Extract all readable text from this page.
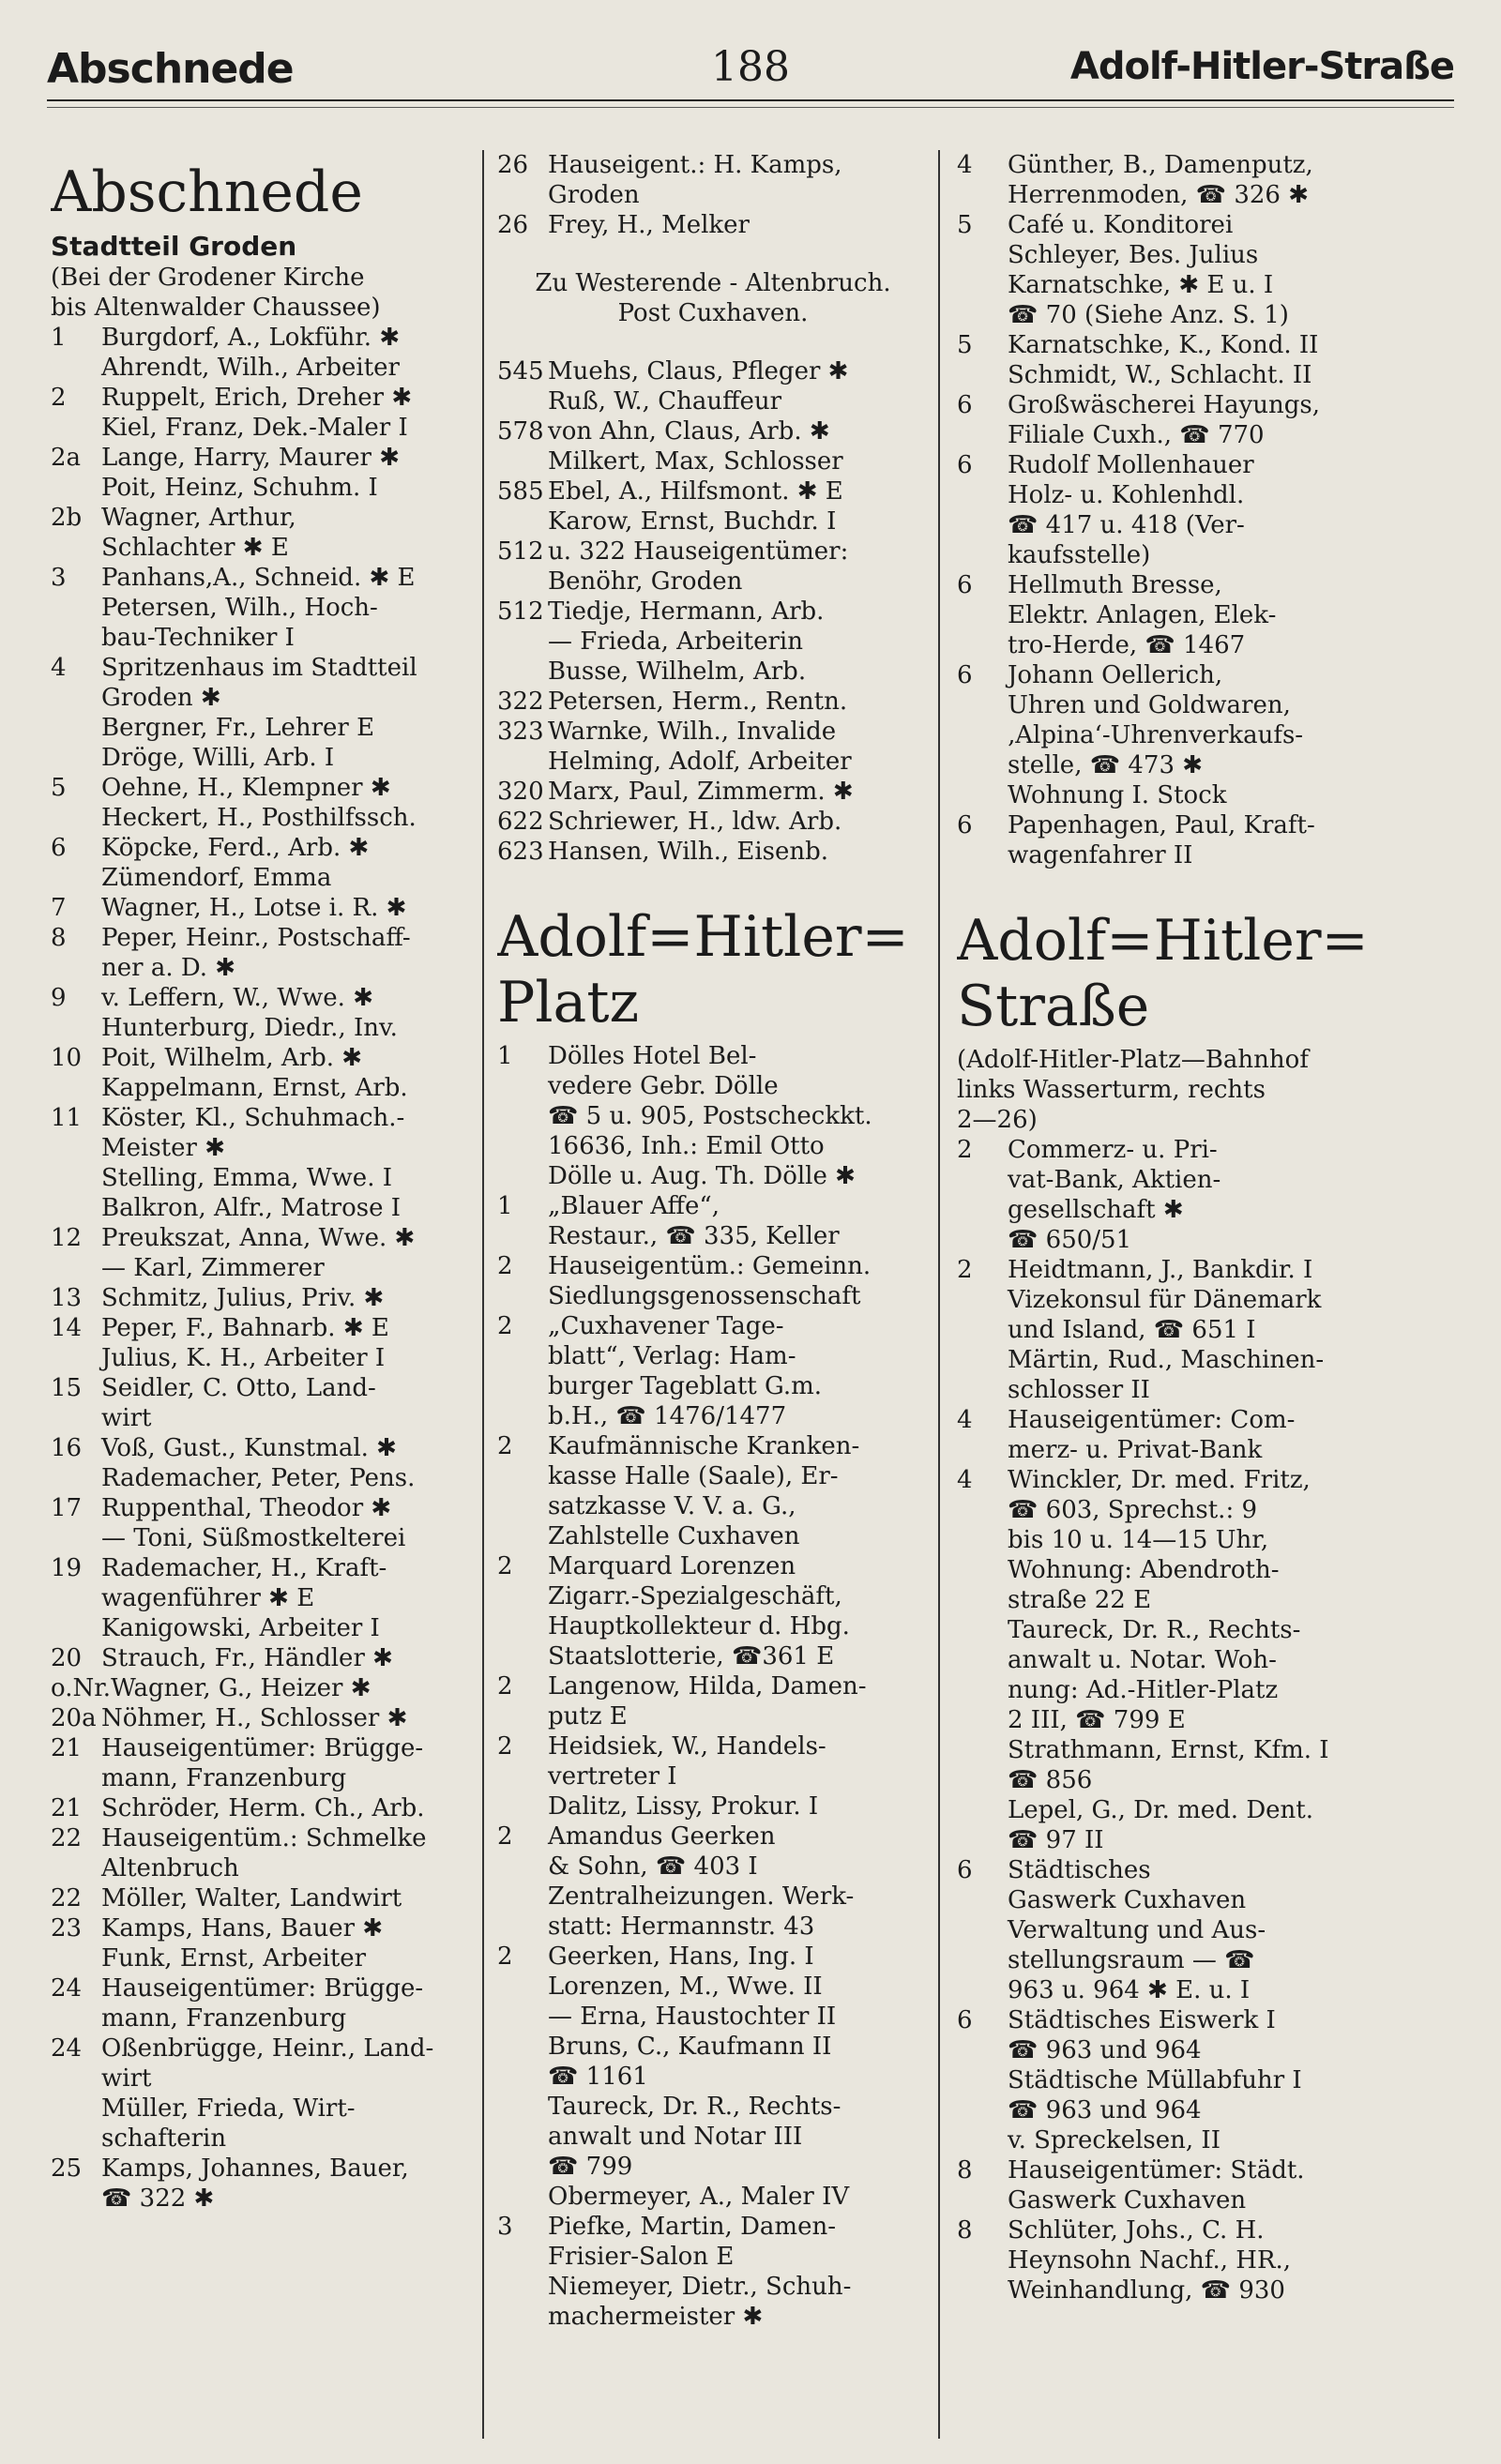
Abschnede	188	Adolf-Hitler-Straße
Abschnede
Stadtteil Groden
(Bei der Grodener Kirche
bis Altenwalder Chaussee)
1	Burgdorf, A., Lokführ. ✱
Ahrendt, Wilh., Arbeiter
2	Ruppelt, Erich, Dreher ✱
Kiel, Franz, Dek.-Maler I
2a Lange, Harry, Maurer ✱
Poit, Heinz, Schuhm. I
2b Wagner, Arthur,
Schlachter ✱ E
3	Panhans,A., Schneid. ✱ E
Petersen, Wilh., Hoch-
bau-Techniker I
4	Spritzenhaus im Stadtteil
Groden ✱
Bergner, Fr., Lehrer E
Dröge, Willi, Arb. I
5	Oehne, H., Klempner ✱
Heckert, H., Posthilfssch.
6	Köpcke, Ferd., Arb. ✱
Zümendorf, Emma
7	Wagner, H., Lotse i. R. ✱
8	Peper, Heinr., Postschaff-
ner a. D. ✱
9	v. Leffern, W., Wwe. ✱
Hunterburg, Diedr., Inv.
10 Poit, Wilhelm, Arb. ✱
Kappelmann, Ernst, Arb.
11 Köster, Kl., Schuhmach.-
Meister ✱
Stelling, Emma, Wwe. I
Balkron, Alfr., Matrose I
12 Preukszat, Anna, Wwe. ✱
— Karl, Zimmerer
13 Schmitz, Julius, Priv. ✱
14 Peper, F., Bahnarb. ✱ E
Julius, K. H., Arbeiter I
15 Seidler, C. Otto, Land-
wirt
16 Voß, Gust., Kunstmal. ✱
Rademacher, Peter, Pens.
17 Ruppenthal, Theodor ✱
— Toni, Süßmostkelterei
19 Rademacher, H., Kraft-
wagenführer ✱ E
Kanigowski, Arbeiter I
20 Strauch, Fr., Händler ✱
o.Nr. Wagner, G., Heizer ✱
20a Nöhmer, H., Schlosser ✱
21 Hauseigentümer: Brügge-
mann, Franzenburg
21 Schröder, Herm. Ch., Arb.
22 Hauseigentüm.: Schmelke
Altenbruch
22 Möller, Walter, Landwirt
23 Kamps, Hans, Bauer ✱
Funk, Ernst, Arbeiter
24 Hauseigentümer: Brügge-
mann, Franzenburg
24 Oßenbrügge, Heinr., Land-
wirt
Müller, Frieda, Wirt-
schafterin
25 Kamps, Johannes, Bauer,
☎ 322 ✱
26 Hauseigent.: H. Kamps,
Groden
26 Frey, H., Melker
Zu Westerende - Altenbruch.
Post Cuxhaven.
545 Muehs, Claus, Pfleger ✱
Ruß, W., Chauffeur
578 von Ahn, Claus, Arb. ✱
Milkert, Max, Schlosser
585 Ebel, A., Hilfsmont. ✱ E
Karow, Ernst, Buchdr. I
512 u. 322 Hauseigentümer:
Benöhr, Groden
512 Tiedje, Hermann, Arb.
— Frieda, Arbeiterin
Busse, Wilhelm, Arb.
322 Petersen, Herm., Rentn.
323 Warnke, Wilh., Invalide
Helming, Adolf, Arbeiter
320 Marx, Paul, Zimmerm. ✱
622 Schriewer, H., ldw. Arb.
623 Hansen, Wilh., Eisenb.
Adolf=Hitler=
Platz
1	Dölles Hotel Bel-
vedere Gebr. Dölle
☎ 5 u. 905, Postscheckkt.
16636, Inh.: Emil Otto
Dölle u. Aug. Th. Dölle ✱
1	„Blauer Affe“,
Restaur., ☎ 335, Keller
2	Hauseigentüm.: Gemeinn.
Siedlungsgenossenschaft
2	„Cuxhavener Tage-
blatt“, Verlag: Ham-
burger Tageblatt G.m.
b.H., ☎ 1476/1477
2	Kaufmännische Kranken-
kasse Halle (Saale), Er-
satzkasse V. V. a. G.,
Zahlstelle Cuxhaven
2	Marquard Lorenzen
Zigarr.-Spezialgeschäft,
Hauptkollekteur d. Hbg.
Staatslotterie, ☎361 E
2	Langenow, Hilda, Damen-
putz E
2	Heidsiek, W., Handels-
vertreter I
Dalitz, Lissy, Prokur. I
2	Amandus Geerken
& Sohn, ☎ 403 I
Zentralheizungen. Werk-
statt: Hermannstr. 43
2	Geerken, Hans, Ing. I
Lorenzen, M., Wwe. II
— Erna, Haustochter II
Bruns, C., Kaufmann II
☎ 1161
Taureck, Dr. R., Rechts-
anwalt und Notar III
☎ 799
Obermeyer, A., Maler IV
3	Piefke, Martin, Damen-
Frisier-Salon E
Niemeyer, Dietr., Schuh-
machermeister ✱
4	Günther, B., Damenputz,
Herrenmoden, ☎ 326 ✱
5	Café u. Konditorei
Schleyer, Bes. Julius
Karnatschke, ✱ E u. I
☎ 70 (Siehe Anz. S. 1)
5	Karnatschke, K., Kond. II
Schmidt, W., Schlacht. II
6	Großwäscherei Hayungs,
Filiale Cuxh., ☎ 770
6	Rudolf Mollenhauer
Holz- u. Kohlenhdl.
☎ 417 u. 418 (Ver-
kaufsstelle)
6	Hellmuth Bresse,
Elektr. Anlagen, Elek-
tro-Herde, ☎ 1467
6	Johann Oellerich,
Uhren und Goldwaren,
‚Alpina‘-Uhrenverkaufs-
stelle, ☎ 473 ✱
Wohnung I. Stock
6	Papenhagen, Paul, Kraft-
wagenfahrer II
Adolf=Hitler=
Straße
(Adolf-Hitler-Platz—Bahnhof
links Wasserturm, rechts
2—26)
2	Commerz- u. Pri-
vat-Bank, Aktien-
gesellschaft ✱
☎ 650/51
2	Heidtmann, J., Bankdir. I
Vizekonsul für Dänemark
und Island, ☎ 651 I
Märtin, Rud., Maschinen-
schlosser II
4	Hauseigentümer: Com-
merz- u. Privat-Bank
4	Winckler, Dr. med. Fritz,
☎ 603, Sprechst.: 9
bis 10 u. 14—15 Uhr,
Wohnung: Abendroth-
straße 22 E
Taureck, Dr. R., Rechts-
anwalt u. Notar. Woh-
nung: Ad.-Hitler-Platz
2 III, ☎ 799 E
Strathmann, Ernst, Kfm. I
☎ 856
Lepel, G., Dr. med. Dent.
☎ 97 II
6	Städtisches
Gaswerk Cuxhaven
Verwaltung und Aus-
stellungsraum — ☎
963 u. 964 ✱ E. u. I
6	Städtisches Eiswerk I
☎ 963 und 964
Städtische Müllabfuhr I
☎ 963 und 964
v. Spreckelsen, II
8	Hauseigentümer: Städt.
Gaswerk Cuxhaven
8	Schlüter, Johs., C. H.
Heynsohn Nachf., HR.,
Weinhandlung, ☎ 930
